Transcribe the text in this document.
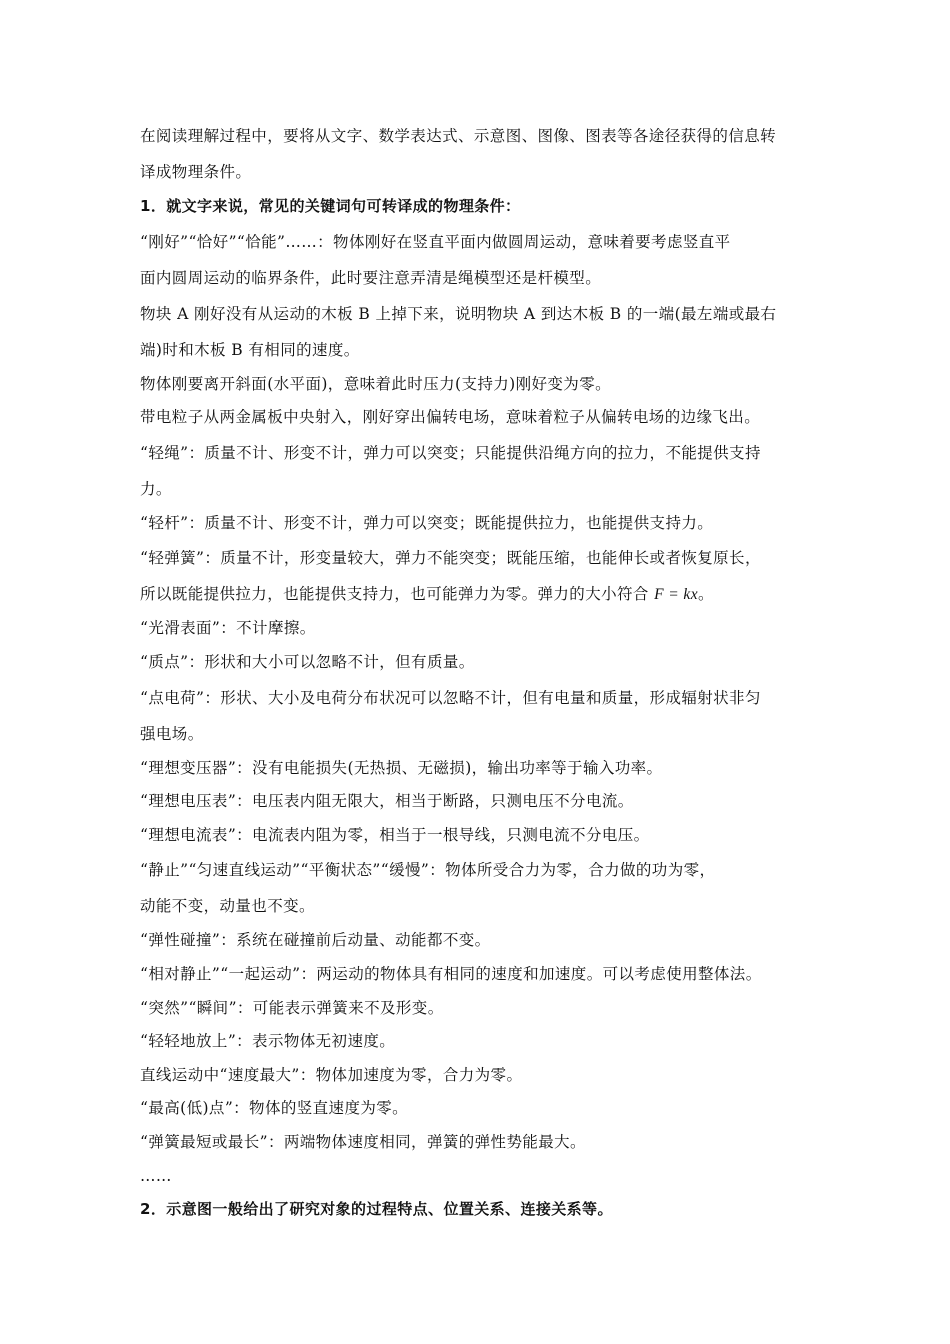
在阅读理解过程中，要将从文字、数学表达式、示意图、图像、图表等各途径获得的信息转
译成物理条件。
1．就文字来说，常见的关键词句可转译成的物理条件：
“刚好”“恰好”“恰能”……：物体刚好在竖直平面内做圆周运动，意味着要考虑竖直平
面内圆周运动的临界条件，此时要注意弄清是绳模型还是杆模型。
物块 A 刚好没有从运动的木板 B 上掉下来，说明物块 A 到达木板 B 的一端(最左端或最右
端)时和木板 B 有相同的速度。
物体刚要离开斜面(水平面)，意味着此时压力(支持力)刚好变为零。
带电粒子从两金属板中央射入，刚好穿出偏转电场，意味着粒子从偏转电场的边缘飞出。
“轻绳”：质量不计、形变不计，弹力可以突变；只能提供沿绳方向的拉力，不能提供支持
力。
“轻杆”：质量不计、形变不计，弹力可以突变；既能提供拉力，也能提供支持力。
“轻弹簧”：质量不计，形变量较大，弹力不能突变；既能压缩，也能伸长或者恢复原长，
所以既能提供拉力，也能提供支持力，也可能弹力为零。弹力的大小符合 F = kx。
“光滑表面”：不计摩擦。
“质点”：形状和大小可以忽略不计，但有质量。
“点电荷”：形状、大小及电荷分布状况可以忽略不计，但有电量和质量，形成辐射状非匀
强电场。
“理想变压器”：没有电能损失(无热损、无磁损)，输出功率等于输入功率。
“理想电压表”：电压表内阻无限大，相当于断路，只测电压不分电流。
“理想电流表”：电流表内阻为零，相当于一根导线，只测电流不分电压。
“静止”“匀速直线运动”“平衡状态”“缓慢”：物体所受合力为零，合力做的功为零，
动能不变，动量也不变。
“弹性碰撞”：系统在碰撞前后动量、动能都不变。
“相对静止”“一起运动”：两运动的物体具有相同的速度和加速度。可以考虑使用整体法。
“突然”“瞬间”：可能表示弹簧来不及形变。
“轻轻地放上”：表示物体无初速度。
直线运动中“速度最大”：物体加速度为零，合力为零。
“最高(低)点”：物体的竖直速度为零。
“弹簧最短或最长”：两端物体速度相同，弹簧的弹性势能最大。
……
2．示意图一般给出了研究对象的过程特点、位置关系、连接关系等。
